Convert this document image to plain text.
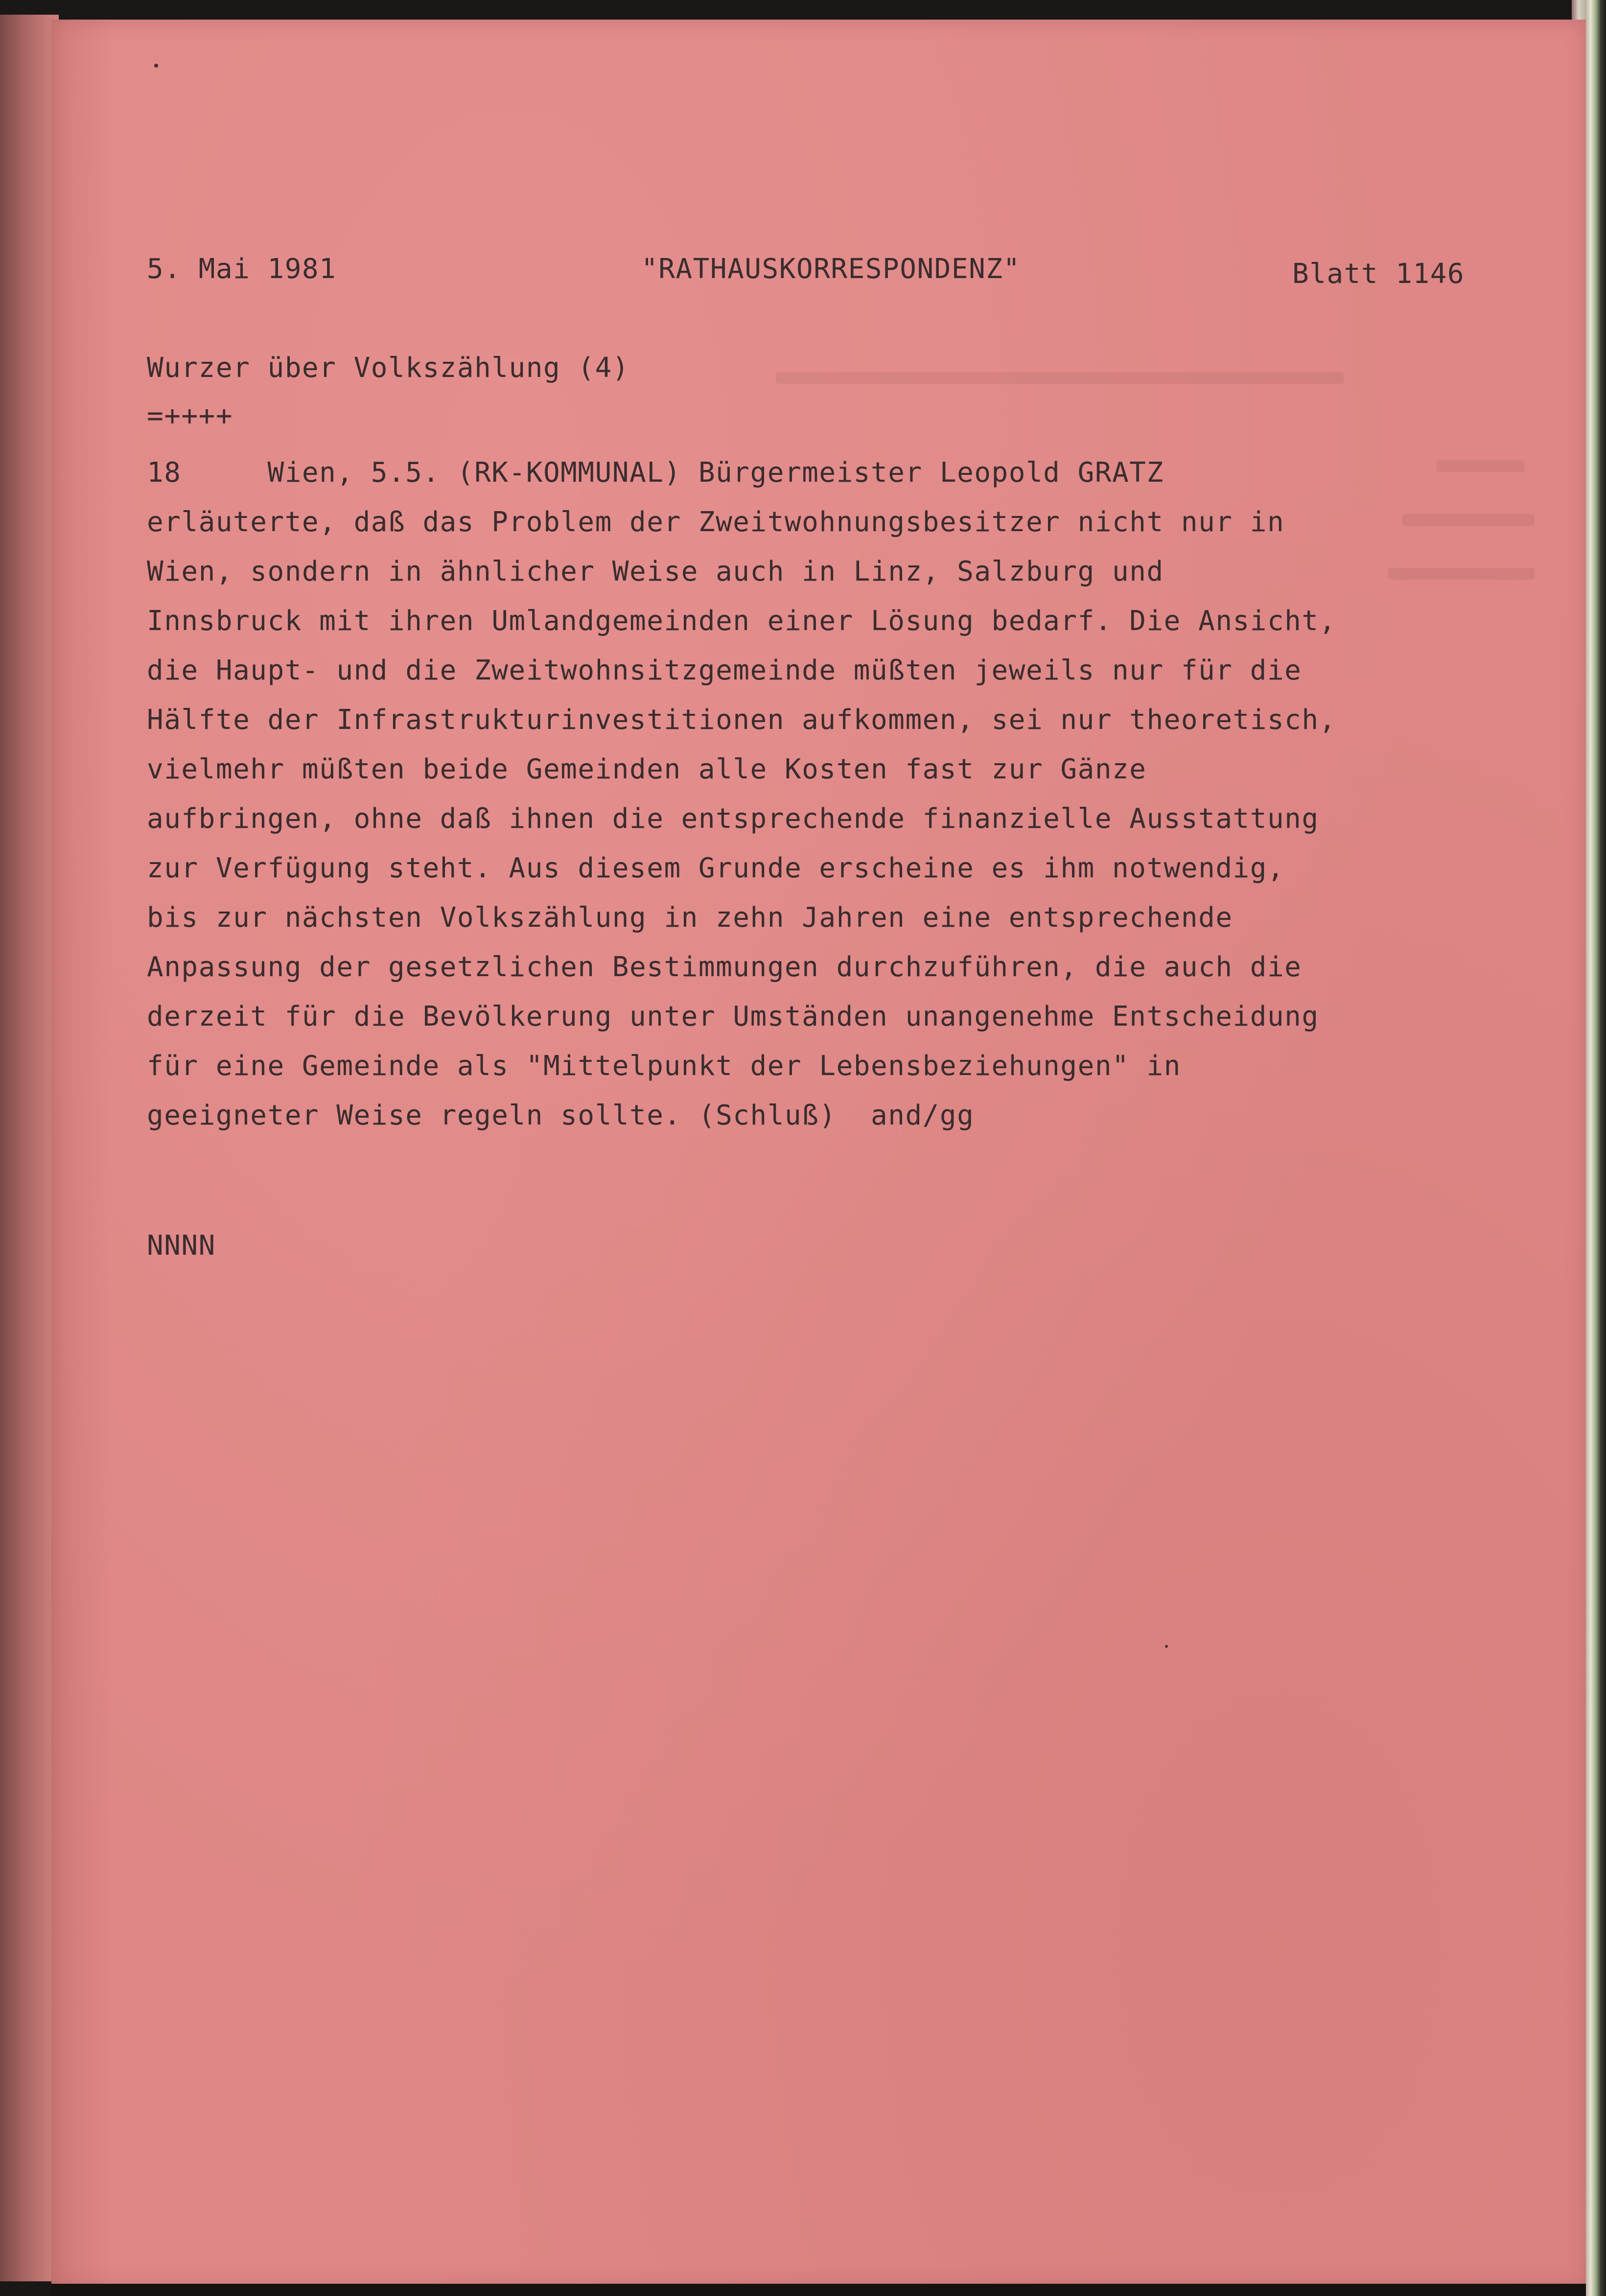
5. Mai 1981	"RATHAUSKORRESPONDENZ"	Blatt 1146
Wurzer über Volkszählung (4)
=++++
18     Wien, 5.5. (RK-KOMMUNAL) Bürgermeister Leopold GRATZ
erläuterte, daß das Problem der Zweitwohnungsbesitzer nicht nur in
Wien, sondern in ähnlicher Weise auch in Linz, Salzburg und
Innsbruck mit ihren Umlandgemeinden einer Lösung bedarf. Die Ansicht,
die Haupt- und die Zweitwohnsitzgemeinde müßten jeweils nur für die
Hälfte der Infrastrukturinvestitionen aufkommen, sei nur theoretisch,
vielmehr müßten beide Gemeinden alle Kosten fast zur Gänze
aufbringen, ohne daß ihnen die entsprechende finanzielle Ausstattung
zur Verfügung steht. Aus diesem Grunde erscheine es ihm notwendig,
bis zur nächsten Volkszählung in zehn Jahren eine entsprechende
Anpassung der gesetzlichen Bestimmungen durchzuführen, die auch die
derzeit für die Bevölkerung unter Umständen unangenehme Entscheidung
für eine Gemeinde als "Mittelpunkt der Lebensbeziehungen" in
geeigneter Weise regeln sollte. (Schluß)  and/gg
NNNN
